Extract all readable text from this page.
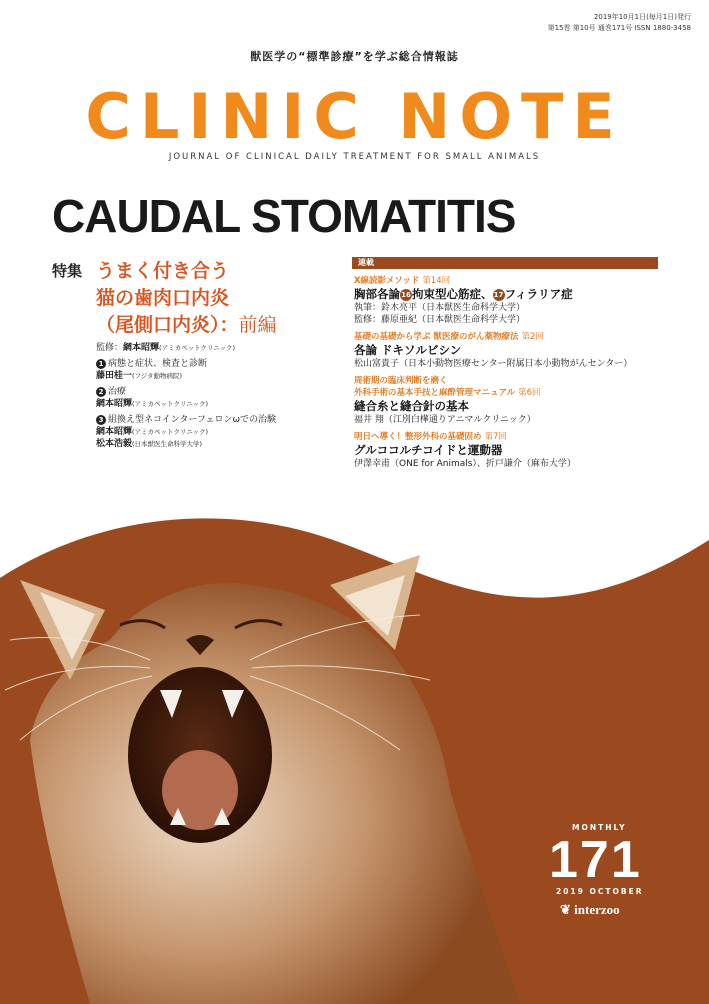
2019年10月1日(毎月1日)発行
第15巻 第10号 通巻171号 ISSN 1880-3458
獣医学の“標準診療”を学ぶ総合情報誌
CLINIC NOTE
JOURNAL OF CLINICAL DAILY TREATMENT FOR SMALL ANIMALS
CAUDAL STOMATITIS
特集 うまく付き合う
猫の歯肉口内炎
（尾側口内炎）：前編
監修：網本昭輝(アミカペットクリニック)
1 病態と症状、検査と診断
藤田桂一(フジタ動物病院)
2 治療
網本昭輝(アミカペットクリニック)
3 組換え型ネコインターフェロンωでの治験
網本昭輝(アミカペットクリニック)
松本浩毅(日本獣医生命科学大学)
連載
X線読影メソッド 第14回
胸部各論16拘束型心筋症、17フィラリア症
執筆：鈴木亮平（日本獣医生命科学大学）
監修：藤原亜紀（日本獣医生命科学大学）
基礎の基礎から学ぶ 獣医療のがん薬物療法 第2回
各論 ドキソルビシン
松山富貴子（日本小動物医療センター附属日本小動物がんセンター）
周術期の臨床判断を磨く
外科手術の基本手技と麻酔管理マニュアル 第6回
縫合糸と縫合針の基本
福井 翔（江別白樺通りアニマルクリニック）
明日へ導く！整形外科の基礎固め 第7回
グルココルチコイドと運動器
伊澤幸甫（ONE for Animals）、折戸謙介（麻布大学）
MONTHLY
171
2019 OCTOBER
❦ interzoo
